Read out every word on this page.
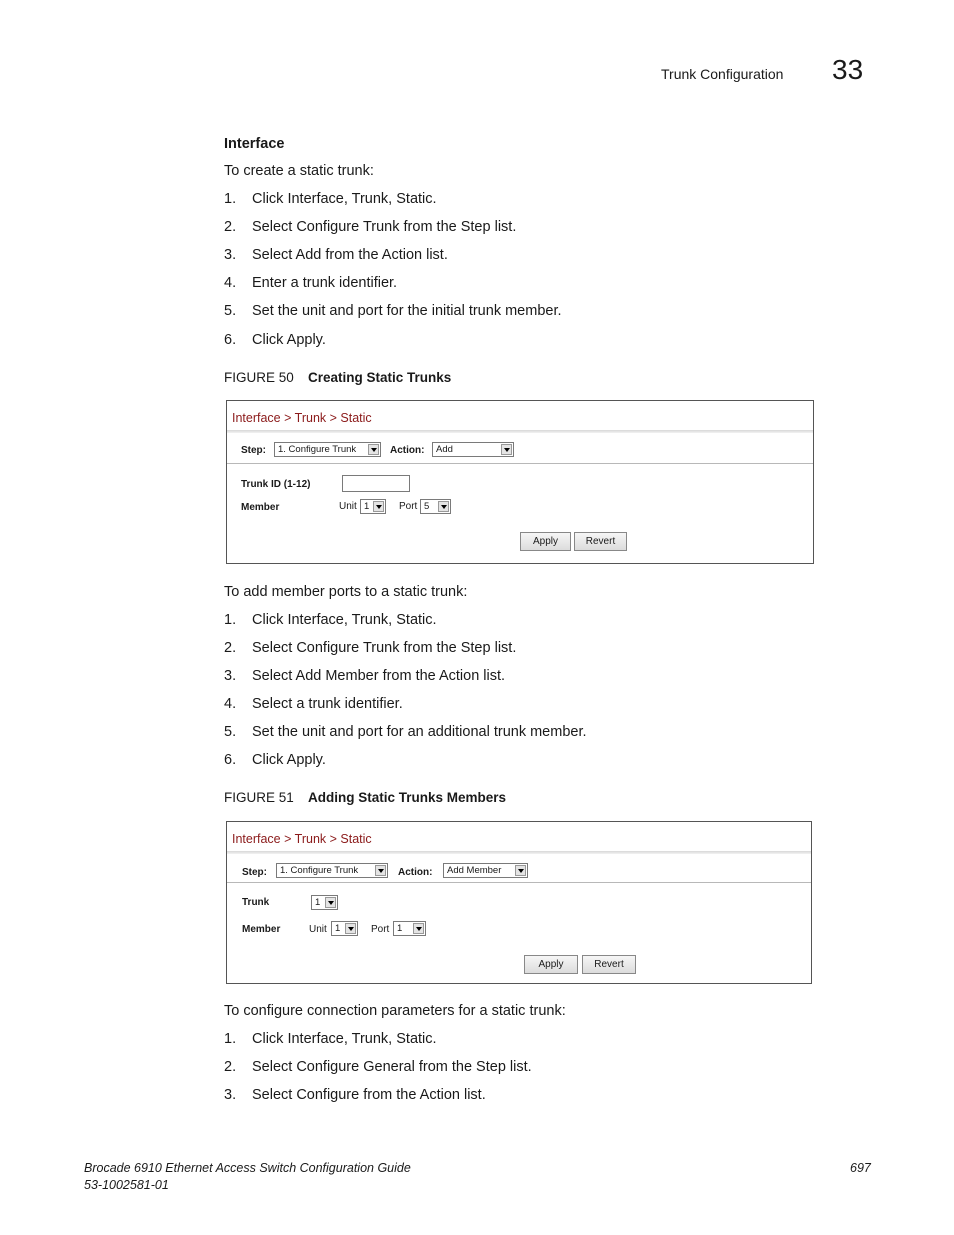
Trunk Configuration 33
Interface
To create a static trunk:
1. Click Interface, Trunk, Static.
2. Select Configure Trunk from the Step list.
3. Select Add from the Action list.
4. Enter a trunk identifier.
5. Set the unit and port for the initial trunk member.
6. Click Apply.
FIGURE 50 Creating Static Trunks
Interface > Trunk > Static
Step:	1. Configure Trunk	Action:	Add
Trunk ID (1-12)
Member	Unit 1	Port 5
Apply	Revert
To add member ports to a static trunk:
1. Click Interface, Trunk, Static.
2. Select Configure Trunk from the Step list.
3. Select Add Member from the Action list.
4. Select a trunk identifier.
5. Set the unit and port for an additional trunk member.
6. Click Apply.
FIGURE 51 Adding Static Trunks Members
Interface > Trunk > Static
Step:	1. Configure Trunk	Action:	Add Member
Trunk	1
Member	Unit 1	Port 1
Apply	Revert
To configure connection parameters for a static trunk:
1. Click Interface, Trunk, Static.
2. Select Configure General from the Step list.
3. Select Configure from the Action list.
Brocade 6910 Ethernet Access Switch Configuration Guide
53-1002581-01
697
